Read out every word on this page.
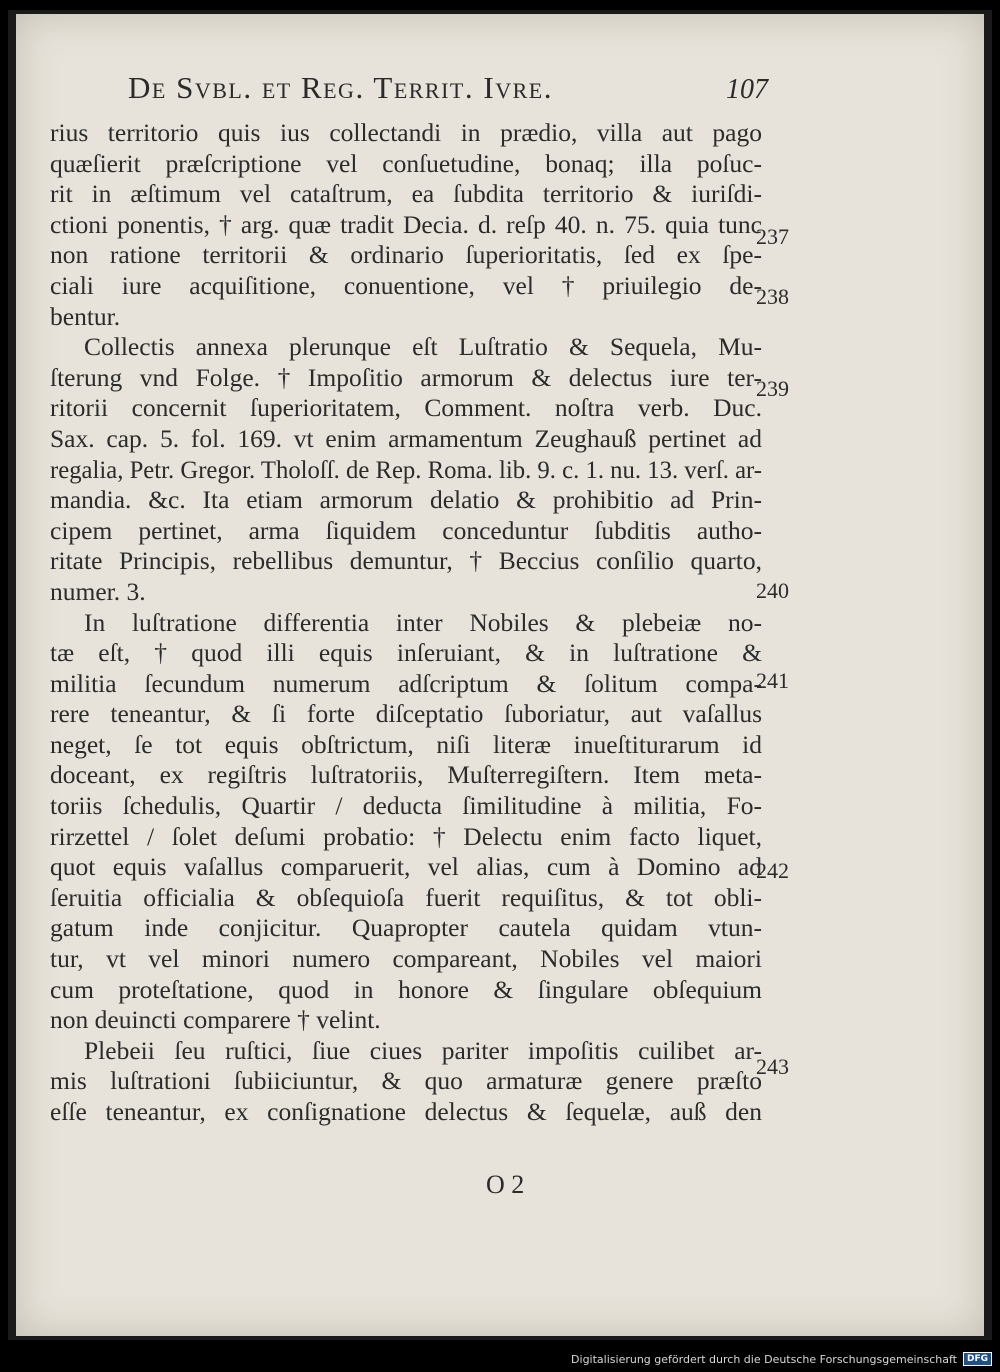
De Svbl. et Reg. Territ. Ivre.	107
rius territorio quis ius collectandi in prædio, villa aut pago
quæſierit præſcriptione vel conſuetudine, bonaq; illa poſuc-
rit in æſtimum vel cataſtrum, ea ſubdita territorio & iuriſdi-
ctioni ponentis, † arg. quæ tradit Decia. d. reſp 40. n. 75. quia tunc
non ratione territorii & ordinario ſuperioritatis, ſed ex ſpe-
ciali iure acquiſitione, conuentione, vel † priuilegio de-
bentur.
Collectis annexa plerunque eſt Luſtratio & Sequela, Mu-
ſterung vnd Folge. † Impoſitio armorum & delectus iure ter-
ritorii concernit ſuperioritatem, Comment. noſtra verb. Duc.
Sax. cap. 5. fol. 169. vt enim armamentum Zeughauß pertinet ad
regalia, Petr. Gregor. Tholoſſ. de Rep. Roma. lib. 9. c. 1. nu. 13. verſ. ar-
mandia. &c. Ita etiam armorum delatio & prohibitio ad Prin-
cipem pertinet, arma ſiquidem conceduntur ſubditis autho-
ritate Principis, rebellibus demuntur, † Beccius conſilio quarto,
numer. 3.
In luſtratione differentia inter Nobiles & plebeiæ no-
tæ eſt, † quod illi equis inſeruiant, & in luſtratione &
militia ſecundum numerum adſcriptum & ſolitum compa-
rere teneantur, & ſi forte diſceptatio ſuboriatur, aut vaſallus
neget, ſe tot equis obſtrictum, niſi literæ inueſtiturarum id
doceant, ex regiſtris luſtratoriis, Muſterregiſtern. Item meta-
toriis ſchedulis, Quartir / deducta ſimilitudine à militia, Fo-
rirzettel / ſolet deſumi probatio: † Delectu enim facto liquet,
quot equis vaſallus comparuerit, vel alias, cum à Domino ad
ſeruitia officialia & obſequioſa fuerit requiſitus, & tot obli-
gatum inde conjicitur. Quapropter cautela quidam vtun-
tur, vt vel minori numero compareant, Nobiles vel maiori
cum proteſtatione, quod in honore & ſingulare obſequium
non deuincti comparere † velint.
Plebeii ſeu ruſtici, ſiue ciues pariter impoſitis cuilibet ar-
mis luſtrationi ſubiiciuntur, & quo armaturæ genere præſto
eſſe teneantur, ex conſignatione delectus & ſequelæ, auß den
237
238
239
240
241
242
243
O 2
Digitalisierung gefördert durch die Deutsche Forschungsgemeinschaft	DFG
